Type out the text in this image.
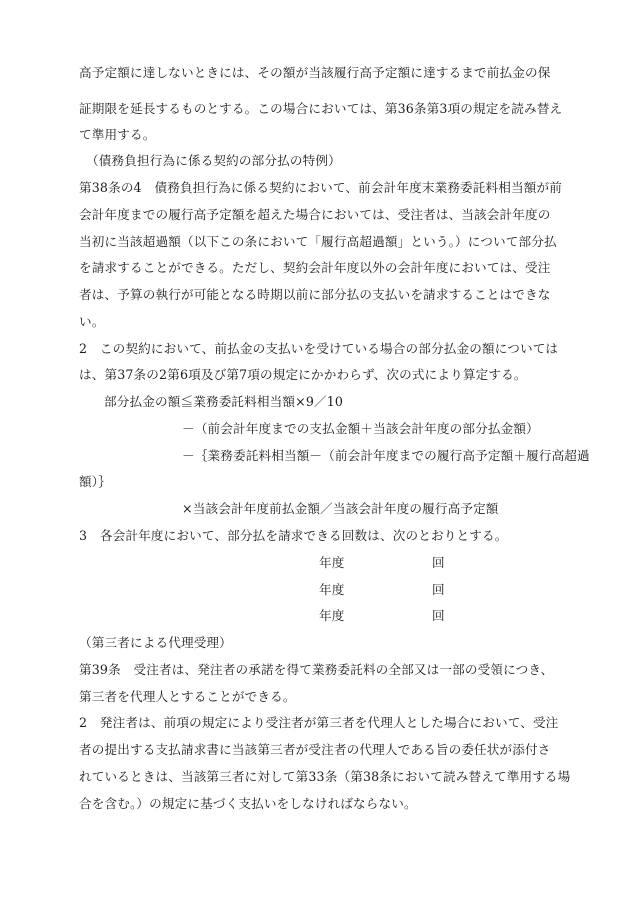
高予定額に達しないときには、その額が当該履行高予定額に達するまで前払金の保
証期限を延長するものとする。この場合においては、第36条第3項の規定を読み替え
て準用する。
（債務負担行為に係る契約の部分払の特例）
第38条の4　債務負担行為に係る契約において、前会計年度末業務委託料相当額が前
会計年度までの履行高予定額を超えた場合においては、受注者は、当該会計年度の
当初に当該超過額（以下この条において「履行高超過額」という。）について部分払
を請求することができる。ただし、契約会計年度以外の会計年度においては、受注
者は、予算の執行が可能となる時期以前に部分払の支払いを請求することはできな
い。
2　この契約において、前払金の支払いを受けている場合の部分払金の額については
は、第37条の2第6項及び第7項の規定にかかわらず、次の式により算定する。
部分払金の額≦業務委託料相当額×9／10
－（前会計年度までの支払金額＋当該会計年度の部分払金額）
－｛業務委託料相当額－（前会計年度までの履行高予定額＋履行高超過
額）｝
×当該会計年度前払金額／当該会計年度の履行高予定額
3　各会計年度において、部分払を請求できる回数は、次のとおりとする。
年度	回
年度	回
年度	回
（第三者による代理受理）
第39条　受注者は、発注者の承諾を得て業務委託料の全部又は一部の受領につき、
第三者を代理人とすることができる。
2　発注者は、前項の規定により受注者が第三者を代理人とした場合において、受注
者の提出する支払請求書に当該第三者が受注者の代理人である旨の委任状が添付さ
れているときは、当該第三者に対して第33条（第38条において読み替えて準用する場
合を含む。）の規定に基づく支払いをしなければならない。
